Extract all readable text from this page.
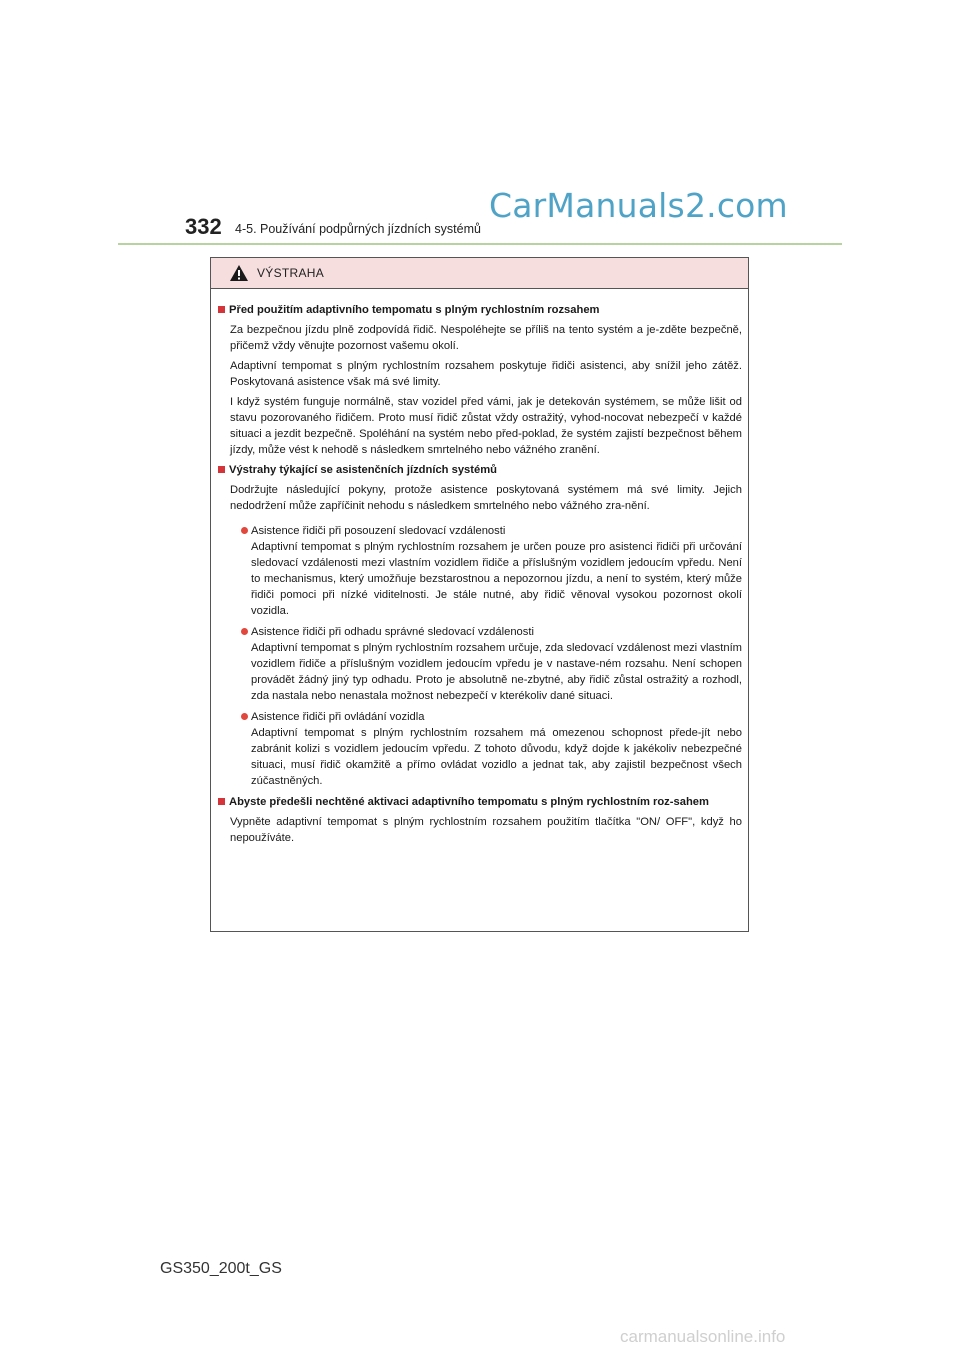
CarManuals2.com
332 4-5. Používání podpůrných jízdních systémů
VÝSTRAHA
Před použitím adaptivního tempomatu s plným rychlostním rozsahem
Za bezpečnou jízdu plně zodpovídá řidič. Nespoléhejte se příliš na tento systém a je-zděte bezpečně, přičemž vždy věnujte pozornost vašemu okolí.
Adaptivní tempomat s plným rychlostním rozsahem poskytuje řidiči asistenci, aby snížil jeho zátěž. Poskytovaná asistence však má své limity.
I když systém funguje normálně, stav vozidel před vámi, jak je detekován systémem, se může lišit od stavu pozorovaného řidičem. Proto musí řidič zůstat vždy ostražitý, vyhod-nocovat nebezpečí v každé situaci a jezdit bezpečně. Spoléhání na systém nebo před-poklad, že systém zajistí bezpečnost během jízdy, může vést k nehodě s následkem smrtelného nebo vážného zranění.
Výstrahy týkající se asistenčních jízdních systémů
Dodržujte následující pokyny, protože asistence poskytovaná systémem má své limity. Jejich nedodržení může zapříčinit nehodu s následkem smrtelného nebo vážného zra-nění.
Asistence řidiči při posouzení sledovací vzdálenosti
Adaptivní tempomat s plným rychlostním rozsahem je určen pouze pro asistenci řidiči při určování sledovací vzdálenosti mezi vlastním vozidlem řidiče a příslušným vozidlem jedoucím vpředu. Není to mechanismus, který umožňuje bezstarostnou a nepozornou jízdu, a není to systém, který může řidiči pomoci při nízké viditelnosti. Je stále nutné, aby řidič věnoval vysokou pozornost okolí vozidla.
Asistence řidiči při odhadu správné sledovací vzdálenosti
Adaptivní tempomat s plným rychlostním rozsahem určuje, zda sledovací vzdálenost mezi vlastním vozidlem řidiče a příslušným vozidlem jedoucím vpředu je v nastave-ném rozsahu. Není schopen provádět žádný jiný typ odhadu. Proto je absolutně ne-zbytné, aby řidič zůstal ostražitý a rozhodl, zda nastala nebo nenastala možnost nebezpečí v kterékoliv dané situaci.
Asistence řidiči při ovládání vozidla
Adaptivní tempomat s plným rychlostním rozsahem má omezenou schopnost přede-jít nebo zabránit kolizi s vozidlem jedoucím vpředu. Z tohoto důvodu, když dojde k jakékoliv nebezpečné situaci, musí řidič okamžitě a přímo ovládat vozidlo a jednat tak, aby zajistil bezpečnost všech zúčastněných.
Abyste předešli nechtěné aktivaci adaptivního tempomatu s plným rychlostním roz-sahem
Vypněte adaptivní tempomat s plným rychlostním rozsahem použitím tlačítka "ON/ OFF", když ho nepoužíváte.
GS350_200t_GS
carmanualsonline.info
